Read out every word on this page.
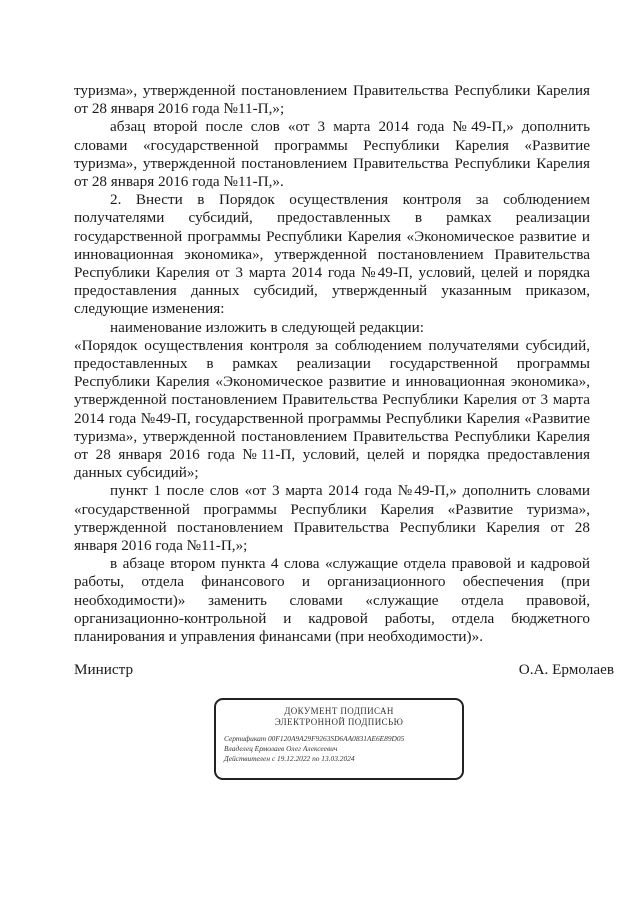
туризма», утвержденной постановлением Правительства Республики Карелия от 28 января 2016 года №11-П,»;

абзац второй после слов «от 3 марта 2014 года №49-П,» дополнить словами «государственной программы Республики Карелия «Развитие туризма», утвержденной постановлением Правительства Республики Карелия от 28 января 2016 года №11-П,».

2. Внести в Порядок осуществления контроля за соблюдением получателями субсидий, предоставленных в рамках реализации государственной программы Республики Карелия «Экономическое развитие и инновационная экономика», утвержденной постановлением Правительства Республики Карелия от 3 марта 2014 года №49-П, условий, целей и порядка предоставления данных субсидий, утвержденный указанным приказом, следующие изменения:

наименование изложить в следующей редакции:

«Порядок осуществления контроля за соблюдением получателями субсидий, предоставленных в рамках реализации государственной программы Республики Карелия «Экономическое развитие и инновационная экономика», утвержденной постановлением Правительства Республики Карелия от 3 марта 2014 года №49-П, государственной программы Республики Карелия «Развитие туризма», утвержденной постановлением Правительства Республики Карелия от 28 января 2016 года №11-П, условий, целей и порядка предоставления данных субсидий»;

пункт 1 после слов «от 3 марта 2014 года №49-П,» дополнить словами «государственной программы Республики Карелия «Развитие туризма», утвержденной постановлением Правительства Республики Карелия от 28 января 2016 года №11-П,»;

в абзаце втором пункта 4 слова «служащие отдела правовой и кадровой работы, отдела финансового и организационного обеспечения (при необходимости)» заменить словами «служащие отдела правовой, организационно-контрольной и кадровой работы, отдела бюджетного планирования и управления финансами (при необходимости)».

Министр	О.А. Ермолаев
ДОКУМЕНТ ПОДПИСАН
ЭЛЕКТРОННОЙ ПОДПИСЬЮ
Сертификат 00F120A9A29F9263SD6AA0831AE6E89D05
Владелец Ермолаев Олег Алексеевич
Действителен с 19.12.2022 по 13.03.2024
